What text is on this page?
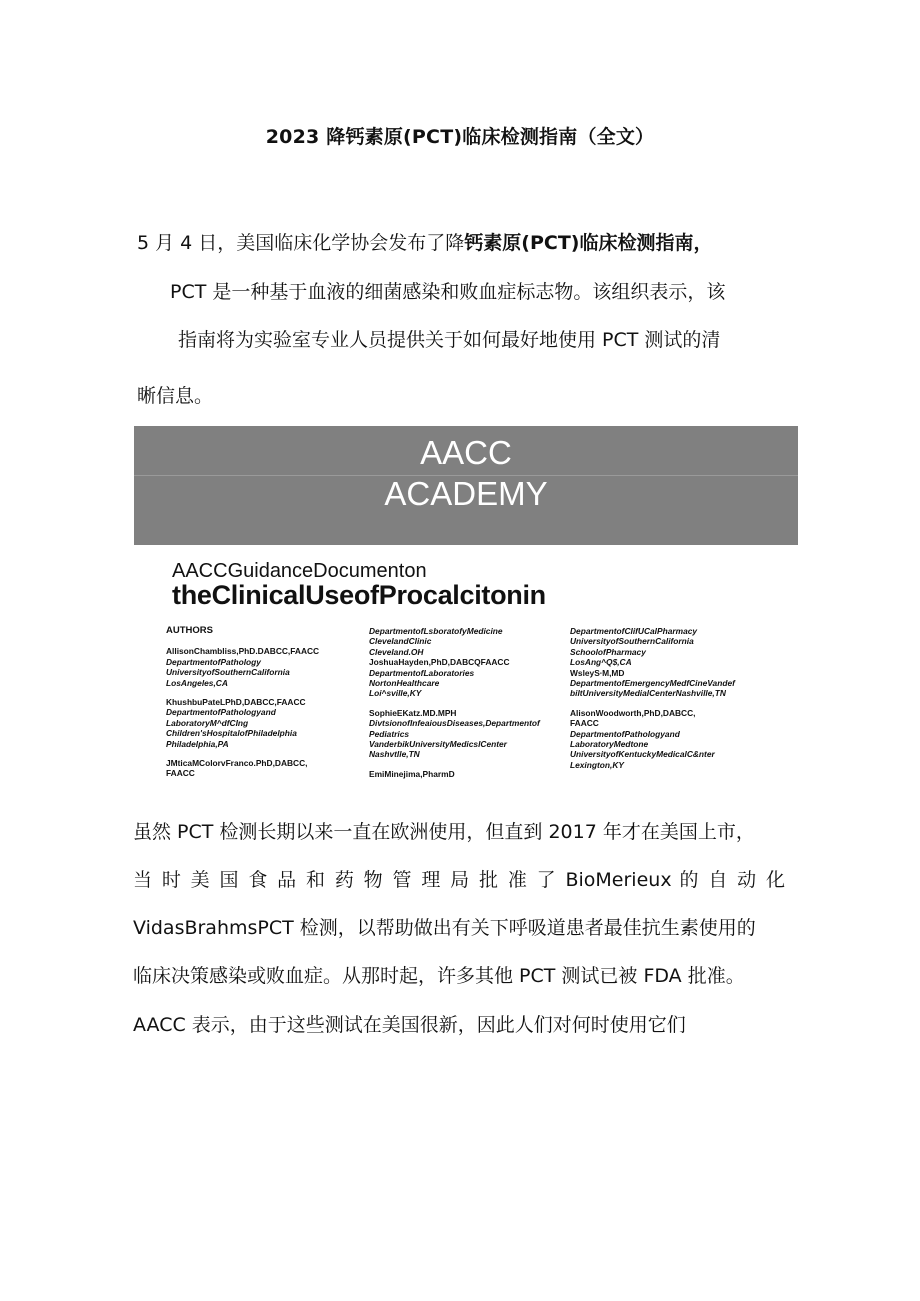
2023 降钙素原(PCT)临床检测指南（全文）
5 月 4 日，美国临床化学协会发布了降钙素原(PCT)临床检测指南，
PCT 是一种基于血液的细菌感染和败血症标志物。该组织表示，该
指南将为实验室专业人员提供关于如何最好地使用 PCT 测试的清
晰信息。
AACC
ACADEMY
AACCGuidanceDocumenton
theClinicalUseofProcalcitonin
AUTHORS
AllisonChambliss,PhD.DABCC,FAACC
DepartmentofPathology
UniversityofSouthernCalifornia
LosAngeles,CA
KhushbuPateLPhD,DABCC,FAACC
DepartmentofPathologyand
LaboratoryM^dfCIng
Children'sHospitalofPhiladelphia
Philadelphia,PA
JMticaMColorvFranco.PhD,DABCC,
FAACC
DepartmentofLsboratofyMedicine
ClevelandClinic
Cleveland.OH
JoshuaHayden,PhD,DABCQFAACC
DepartmentofLaboratories
NortonHealthcare
Loi^svilIe,KY
SophieEKatz.MD.MPH
DivtsionofInfeaiousDiseases,Departmentof
Pediatrics
VanderbikUniversityMedicslCenter
Nashvtlle,TN
EmiMinejima,PharmD
DepartmentofCIifUCalPharmacy
UniversityofSouthernCalifornia
SchoolofPharmacy
LosAng^Q$,CA
WsleyS∙M,MD
DepartmentofEmergencyMedfCineVandef
biltUniversityMedialCenterNashville,TN
AlisonWoodworth,PhD,DABCC,
FAACC
DepartmentofPathologyand
LaboratoryMedtone
UniversityofKentuckyMedicalC&nter
Lexington,KY
虽然 PCT 检测长期以来一直在欧洲使用，但直到 2017 年才在美国上市，
当 时 美 国 食 品 和 药 物 管 理 局 批 准 了 BioMerieux 的 自 动 化
VidasBrahmsPCT 检测，以帮助做出有关下呼吸道患者最佳抗生素使用的
临床决策感染或败血症。从那时起，许多其他 PCT 测试已被 FDA 批准。
AACC 表示，由于这些测试在美国很新，因此人们对何时使用它们
